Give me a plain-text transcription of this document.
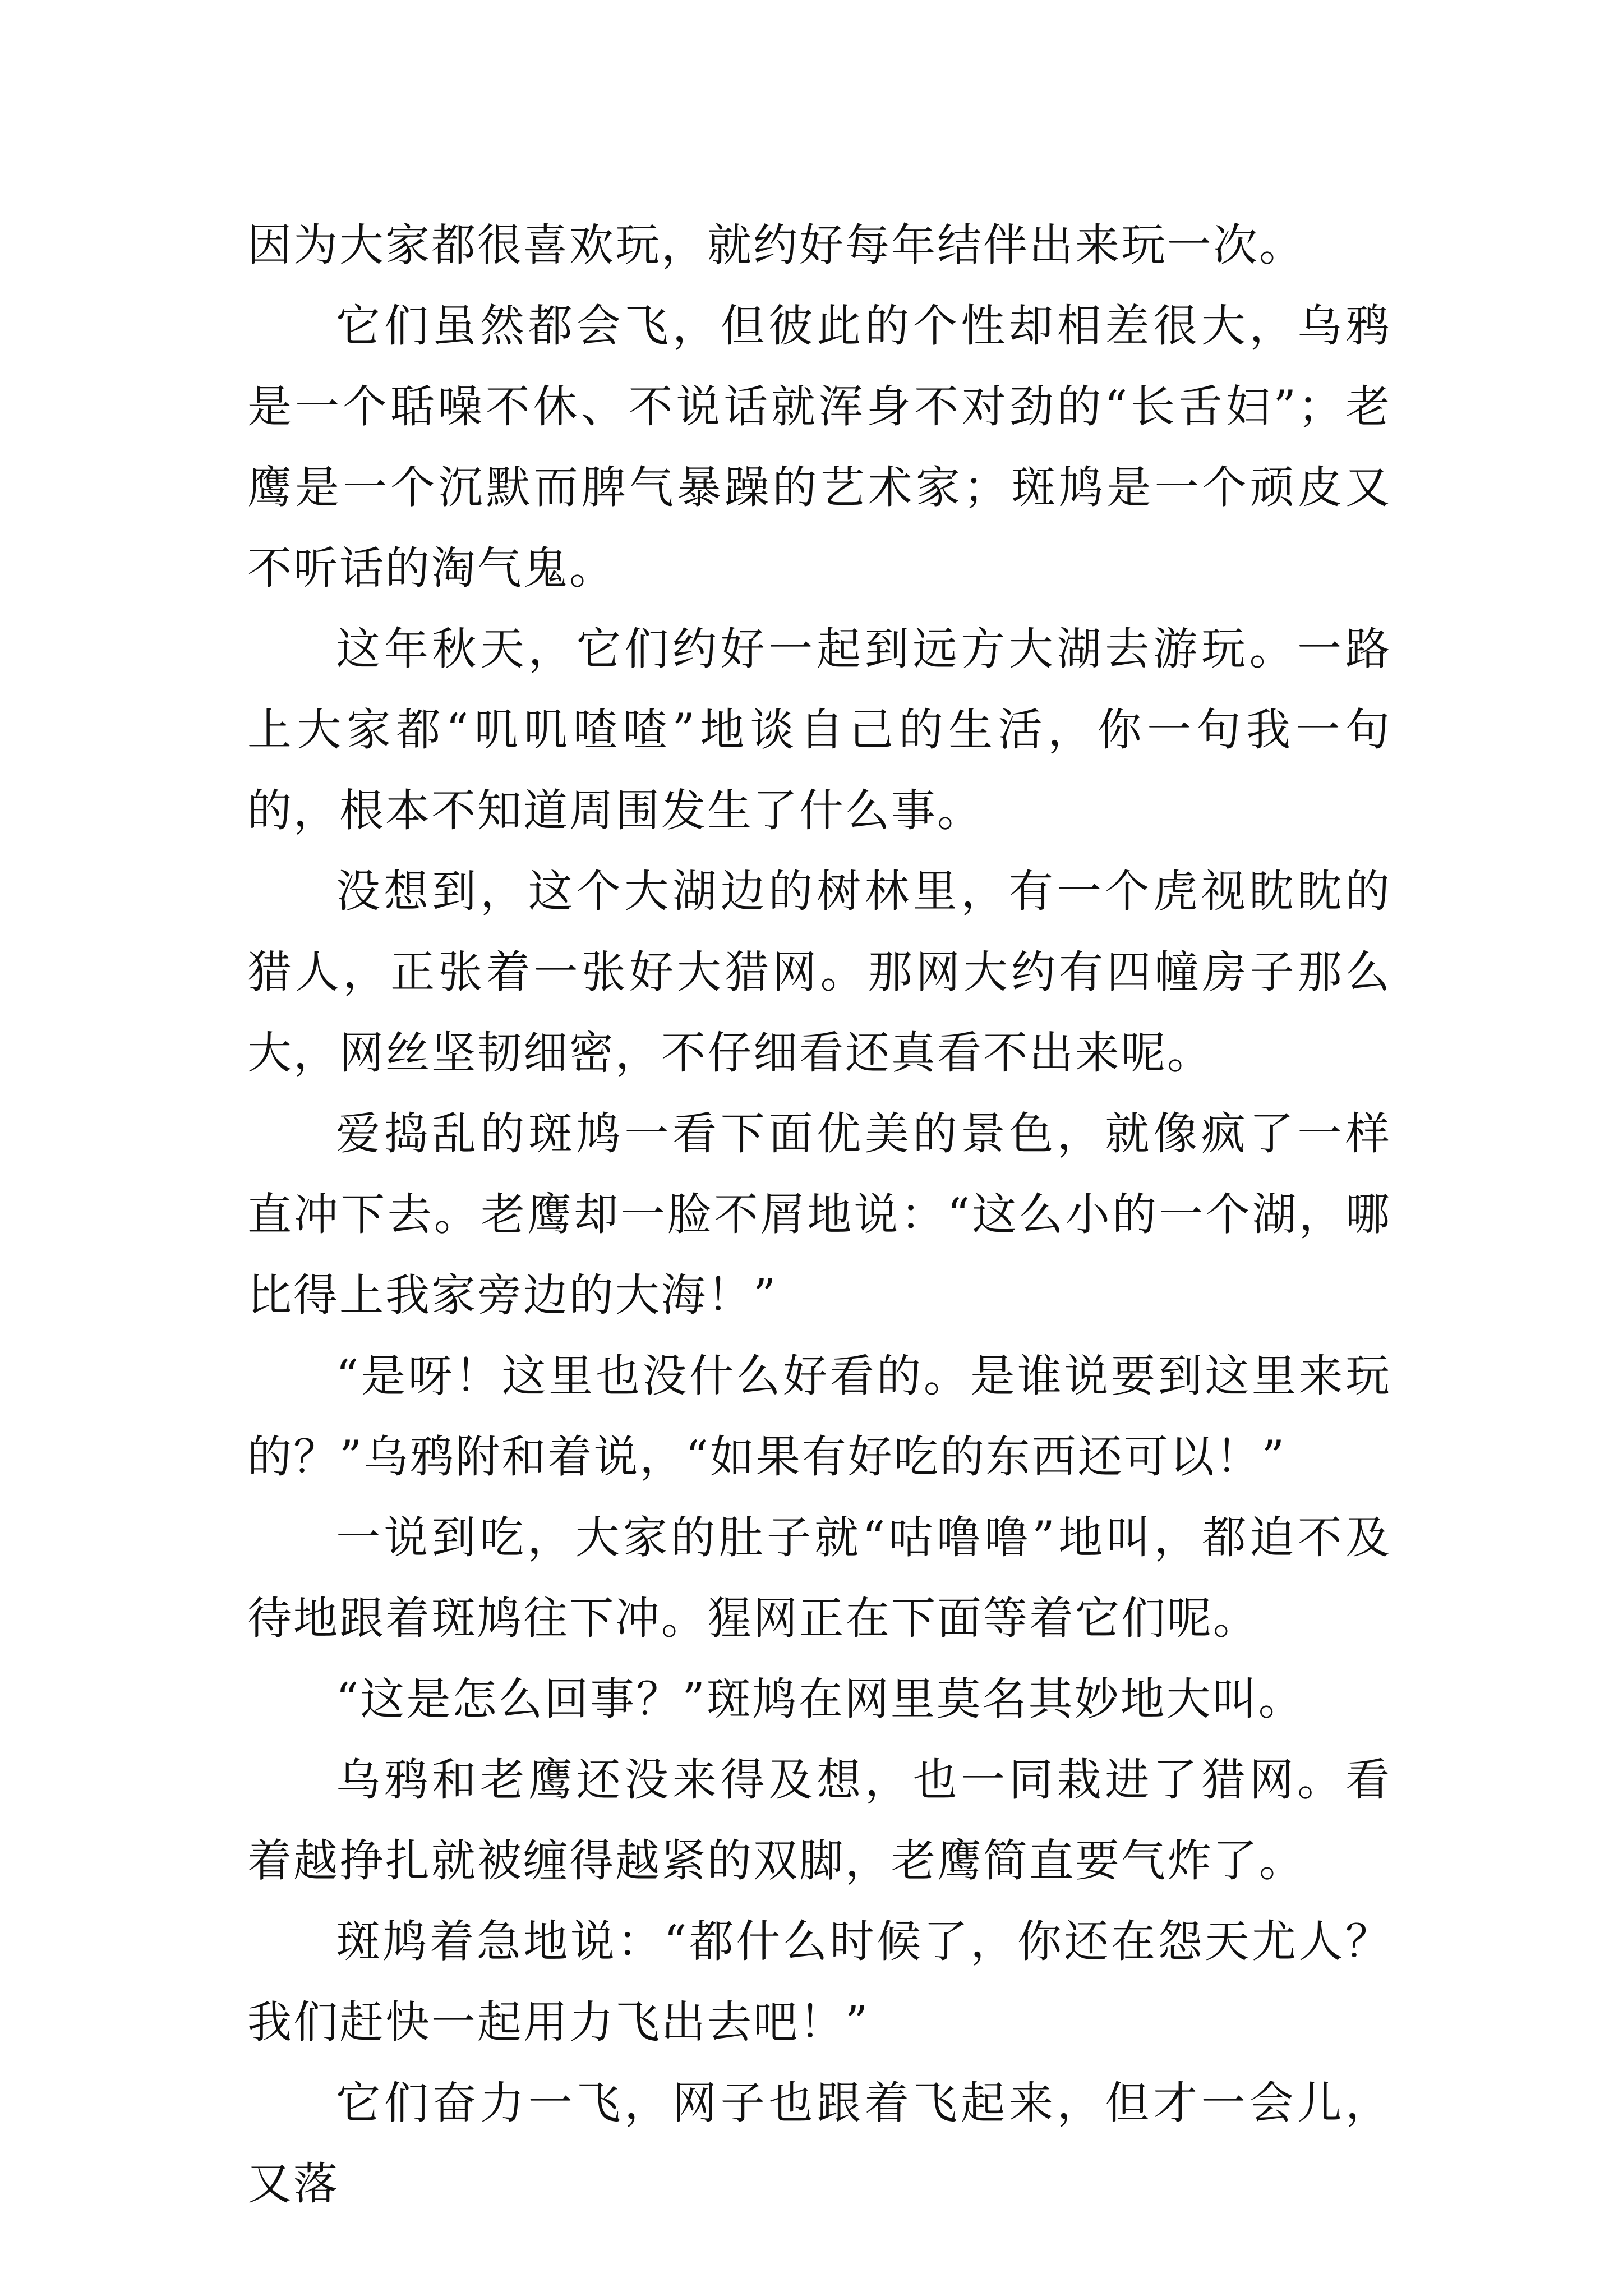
因为大家都很喜欢玩，就约好每年结伴出来玩一次。

它们虽然都会飞，但彼此的个性却相差很大，乌鸦是一个聒噪不休、不说话就浑身不对劲的“长舌妇”；老鹰是一个沉默而脾气暴躁的艺术家；斑鸠是一个顽皮又不听话的淘气鬼。

这年秋天，它们约好一起到远方大湖去游玩。一路上大家都“叽叽喳喳”地谈自己的生活，你一句我一句的，根本不知道周围发生了什么事。

没想到，这个大湖边的树林里，有一个虎视眈眈的猎人，正张着一张好大猎网。那网大约有四幢房子那么大，网丝坚韧细密，不仔细看还真看不出来呢。

爱捣乱的斑鸠一看下面优美的景色，就像疯了一样直冲下去。老鹰却一脸不屑地说：“这么小的一个湖，哪比得上我家旁边的大海！”

“是呀！这里也没什么好看的。是谁说要到这里来玩的？”乌鸦附和着说，“如果有好吃的东西还可以！”

一说到吃，大家的肚子就“咕噜噜”地叫，都迫不及待地跟着斑鸠往下冲。猩网正在下面等着它们呢。

“这是怎么回事？”斑鸠在网里莫名其妙地大叫。

乌鸦和老鹰还没来得及想，也一同栽进了猎网。看着越挣扎就被缠得越紧的双脚，老鹰简直要气炸了。

斑鸠着急地说：“都什么时候了，你还在怨天尤人？我们赶快一起用力飞出去吧！”

它们奋力一飞，网子也跟着飞起来，但才一会儿，又落
